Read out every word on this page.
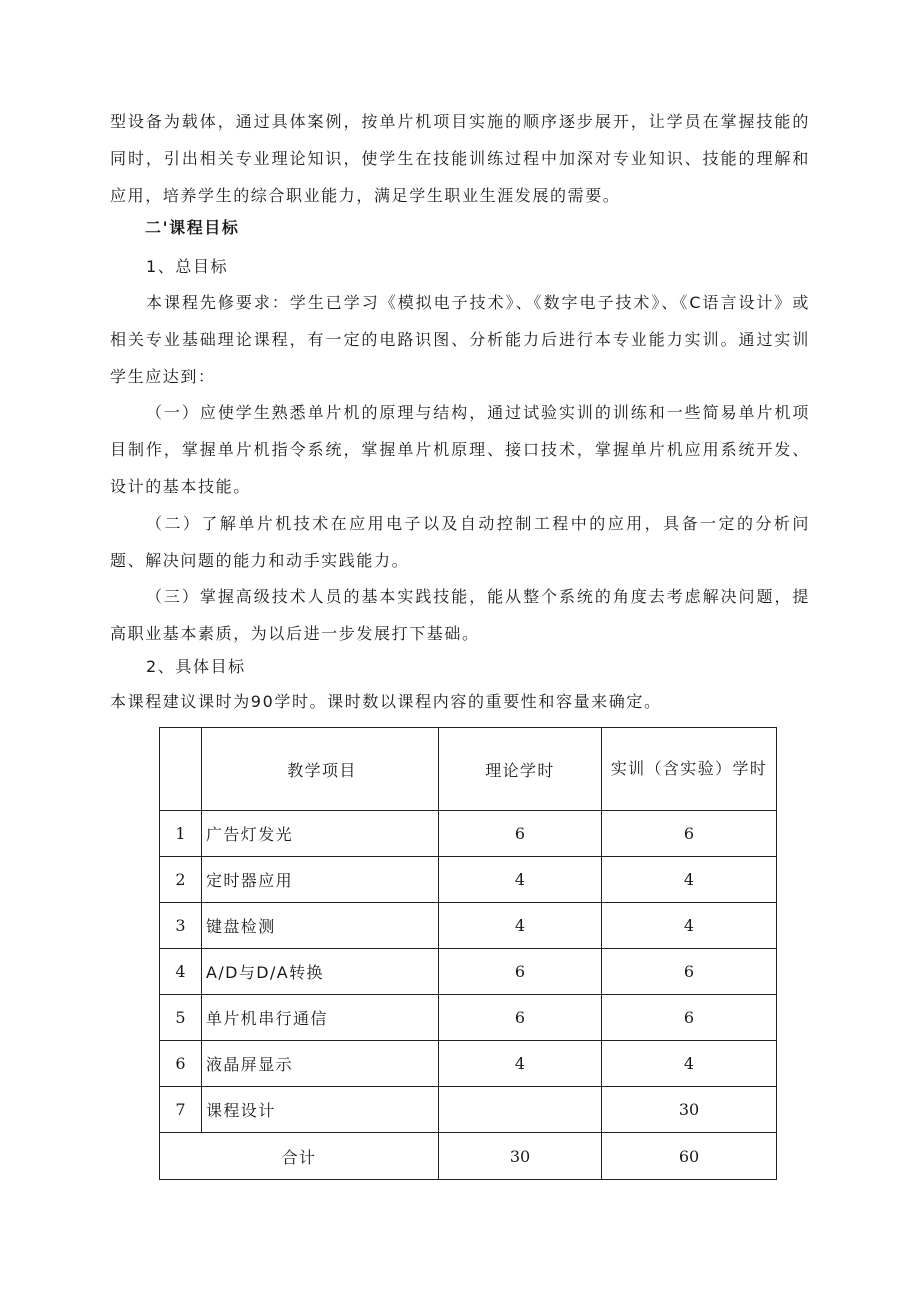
型设备为载体，通过具体案例，按单片机项目实施的顺序逐步展开，让学员在掌握技能的同时，引出相关专业理论知识，使学生在技能训练过程中加深对专业知识、技能的理解和应用，培养学生的综合职业能力，满足学生职业生涯发展的需要。

二'课程目标

1、总目标

本课程先修要求：学生已学习《模拟电子技术》、《数字电子技术》、《C语言设计》或相关专业基础理论课程，有一定的电路识图、分析能力后进行本专业能力实训。通过实训学生应达到：

（一）应使学生熟悉单片机的原理与结构，通过试验实训的训练和一些简易单片机项目制作，掌握单片机指令系统，掌握单片机原理、接口技术，掌握单片机应用系统开发、设计的基本技能。

（二）了解单片机技术在应用电子以及自动控制工程中的应用，具备一定的分析问题、解决问题的能力和动手实践能力。

（三）掌握高级技术人员的基本实践技能，能从整个系统的角度去考虑解决问题，提高职业基本素质，为以后进一步发展打下基础。

2、具体目标

本课程建议课时为90学时。课时数以课程内容的重要性和容量来确定。

	教学项目	理论学时	实训（含实验）学时
1	广告灯发光	6	6
2	定时器应用	4	4
3	键盘检测	4	4
4	A/D与D/A转换	6	6
5	单片机串行通信	6	6
6	液晶屏显示	4	4
7	课程设计		30
合计		30	60
